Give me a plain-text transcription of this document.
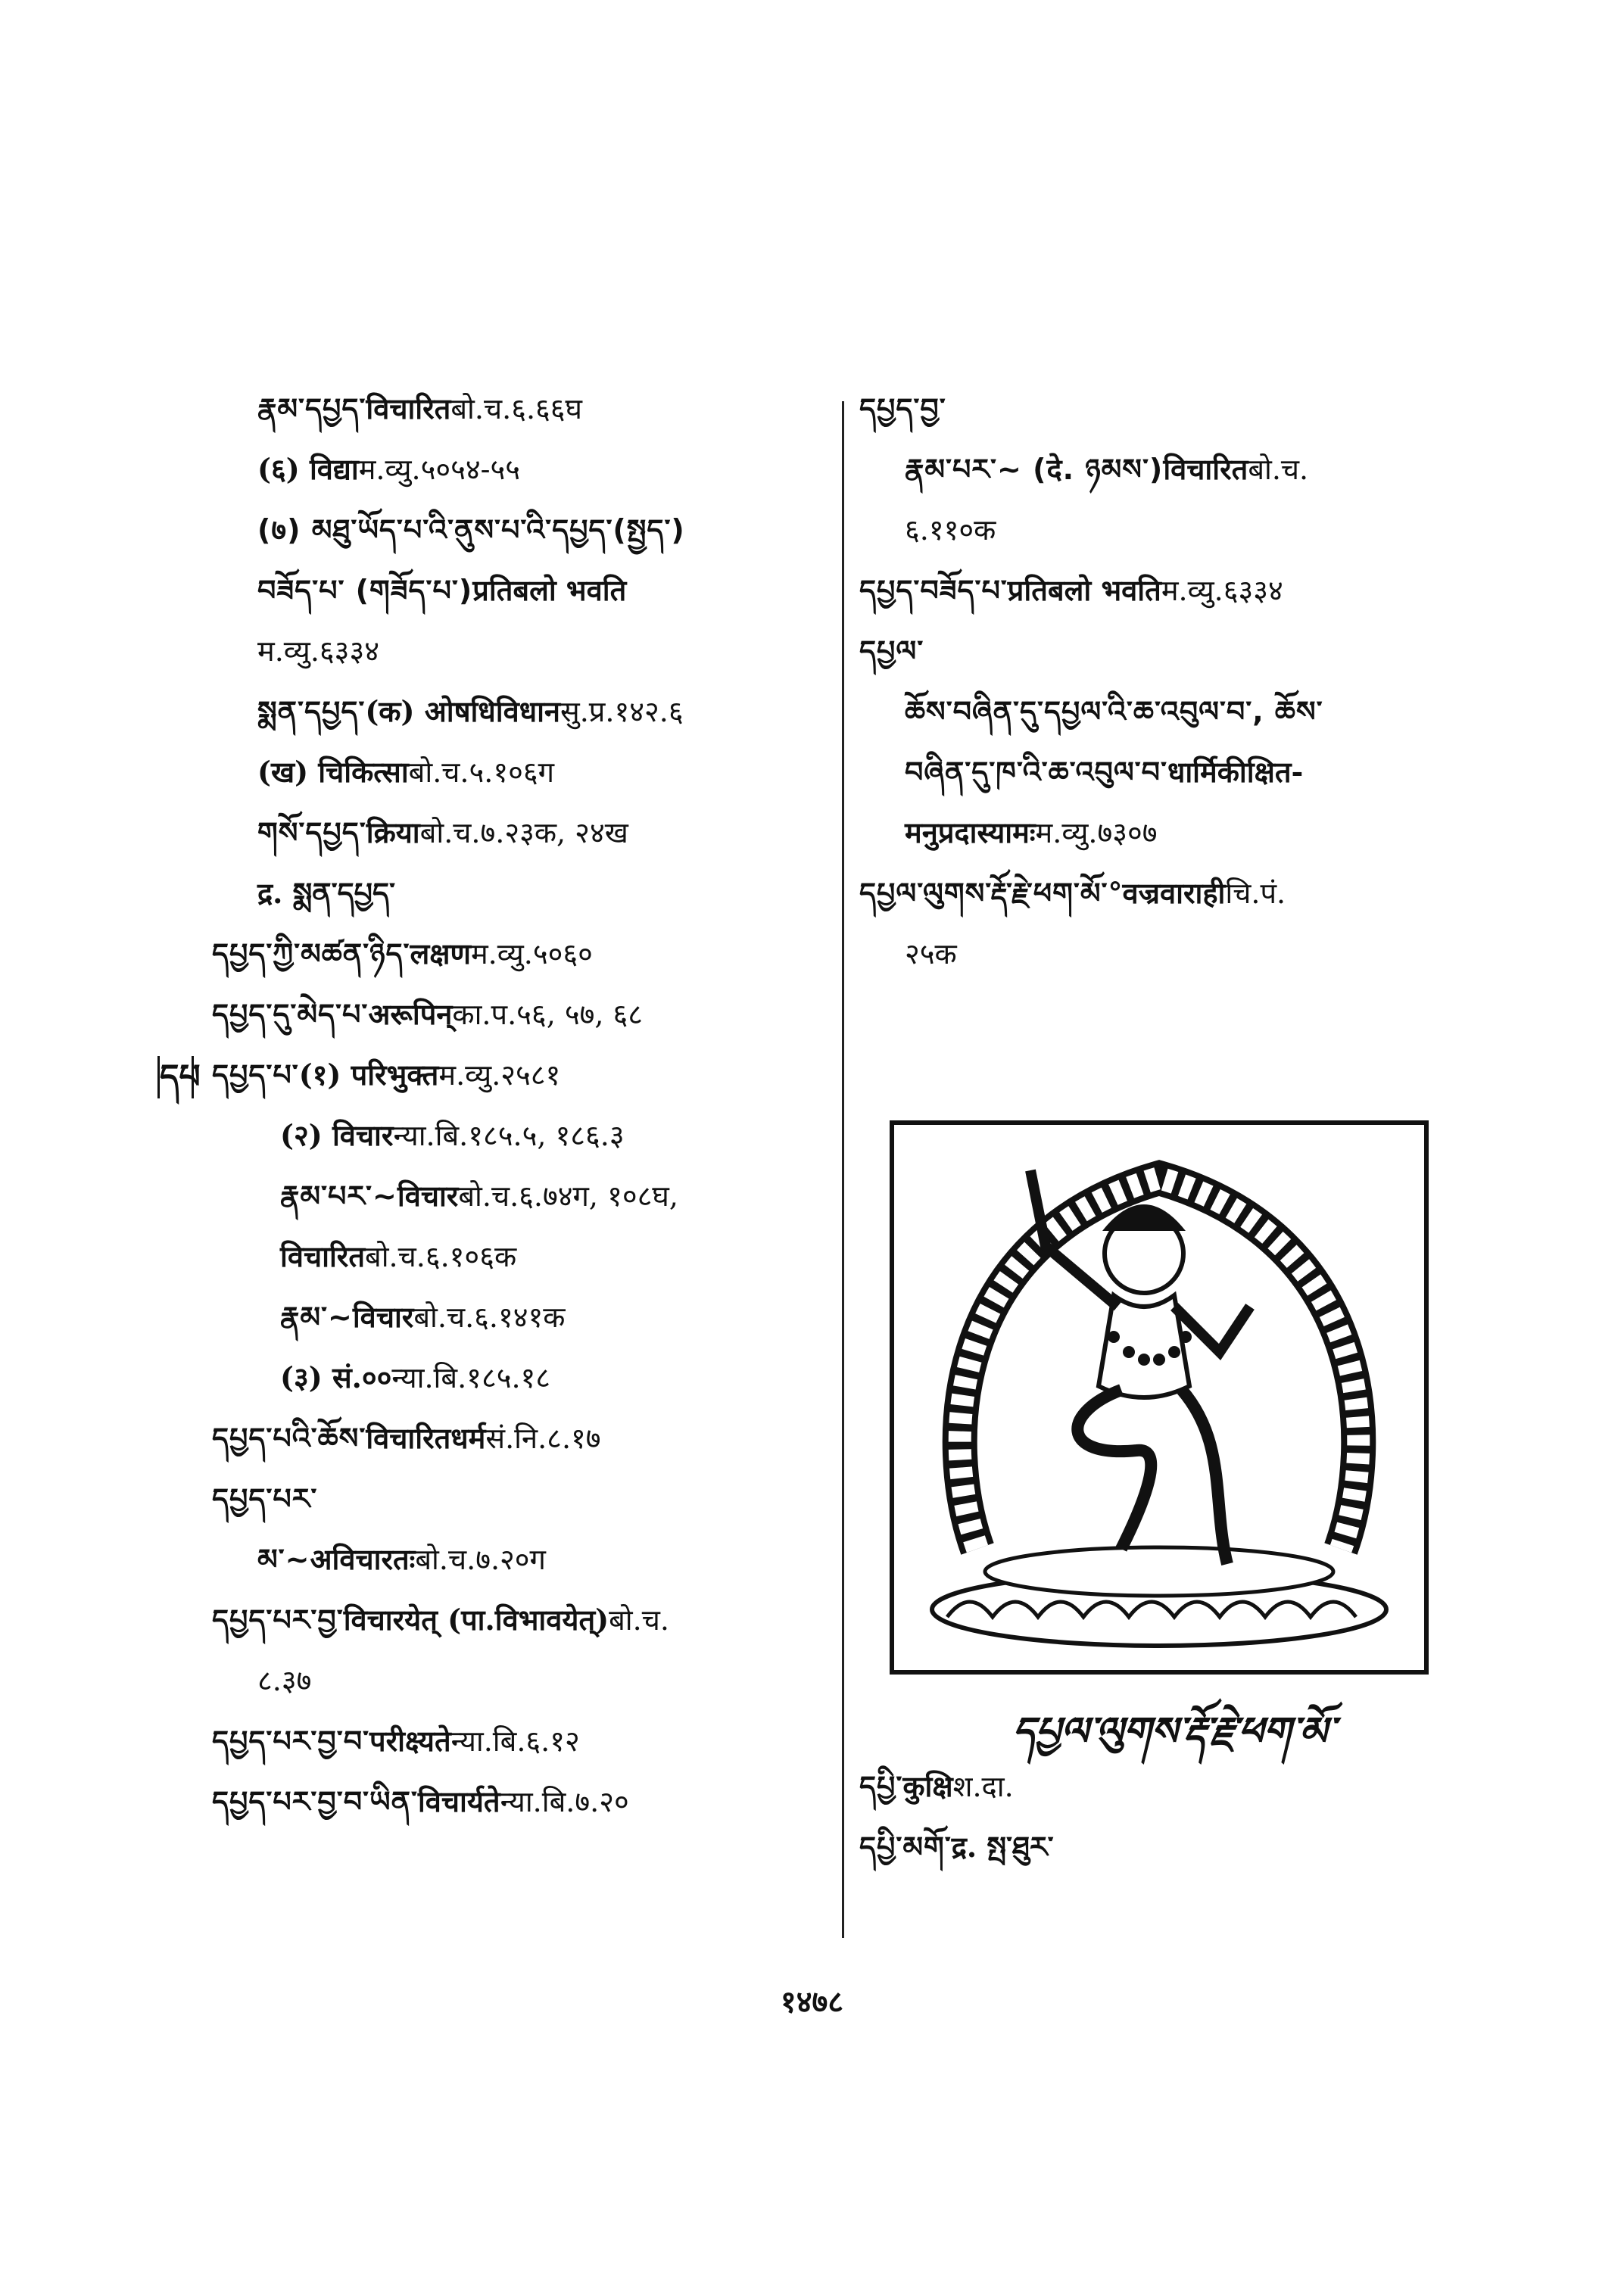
དཔ
རྣམ་དཔྱད་विचारितबो.च.६.६६घ
(६) विद्याम.व्यु.५०५४-५५
(७) མཐུ་ཡོད་པ་འི་ནུས་པ་འི་དཔྱད་(སྤྱད་)
བཟོད་པ་ (གཟོད་པ་)प्रतिबलो भवति
म.व्यु.६३३४
སྨན་དཔྱད་(क) ओषधिविधानसु.प्र.१४२.६
(ख) चिकित्साबो.च.५.१०६ग
གསོ་དཔྱད་क्रियाबो.च.७.२३क, २४ख
द्र. སྨན་དཔྱད་
དཔྱད་ཀྱི་མཚན་ཉིད་लक्षणम.व्यु.५०६०
དཔྱད་དུ་མེད་པ་अरूपिन्का.प.५६, ५७, ६८
དཔྱད་པ་(१) परिभुक्तम.व्यु.२५८१
(२) विचारन्या.बि.१८५.५, १८६.३
རྣམ་པར་~विचारबो.च.६.७४ग, १०८घ,
विचारितबो.च.६.१०६क
རྣམ་~विचारबो.च.६.१४१क
(३) सं.००न्या.बि.१८५.१८
དཔྱད་པའི་ཆོས་विचारितधर्मसं.नि.८.१७
དཔྱད་པར་
མ་~अविचारतःबो.च.७.२०ग
དཔྱད་པར་བྱ་विचारयेत् (पा.विभावयेत्)बो.च.
८.३७
དཔྱད་པར་བྱ་བ་परीक्ष्यतेन्या.बि.६.१२
དཔྱད་པར་བྱ་བ་ཡིན་विचार्यतेन्या.बि.७.२०
དཔྱད་བྱ་
རྣམ་པར་~ (दे. ཉམས་)विचारितबो.च.
६.११०क
དཔྱད་བཟོད་པ་प्रतिबलो भवतिम.व्यु.६३३४
དཔྱལ་
ཆོས་བཞིན་དུ་དཔྱལ་འི་ཆ་འབུལ་བ་, ཆོས་
བཞིན་དུ་ཁ་འི་ཆ་འབུལ་བ་धार्मिकीक्षित-
मनुप्रदास्यामःम.व्यु.७३०७
དཔྱལ་ལུགས་རྡོ་རྗེ་ཕག་མོ་°वज्रवाराहीचि.पं.
२५क
དཔྱལ་ལུགས་རྡོ་རྗེ་ཕག་མོ་
དཔྱི་कुक्षिश.दा.
དཔྱི་མགོ་द्र. སྤ་ཐུར་
१४७८
